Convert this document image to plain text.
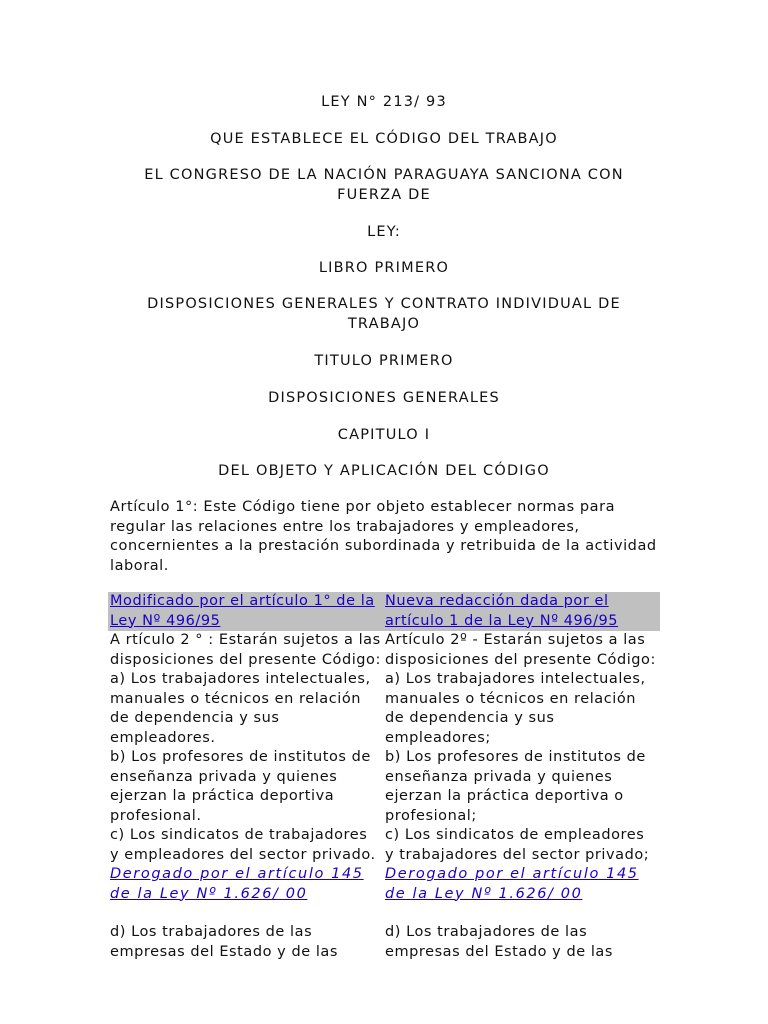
LEY N° 213/ 93

QUE ESTABLECE EL CÓDIGO DEL TRABAJO

EL CONGRESO DE LA NACIÓN PARAGUAYA SANCIONA CON FUERZA DE

LEY:

LIBRO PRIMERO

DISPOSICIONES GENERALES Y CONTRATO INDIVIDUAL DE TRABAJO

TITULO PRIMERO

DISPOSICIONES GENERALES

CAPITULO I

DEL OBJETO Y APLICACIÓN DEL CÓDIGO

Artículo 1°: Este Código tiene por objeto establecer normas para regular las relaciones entre los trabajadores y empleadores, concernientes a la prestación subordinada y retribuida de la actividad laboral.

Modificado por el artículo 1° de la Ley Nº 496/95	Nueva redacción dada por el artículo 1 de la Ley Nº 496/95
A rtículo 2 ° : Estarán sujetos a las disposiciones del presente Código:	Artículo 2º - Estarán sujetos a las disposiciones del presente Código:
a) Los trabajadores intelectuales, manuales o técnicos en relación de dependencia y sus empleadores.	a) Los trabajadores intelectuales, manuales o técnicos en relación de dependencia y sus empleadores;
b) Los profesores de institutos de enseñanza privada y quienes ejerzan la práctica deportiva profesional.	b) Los profesores de institutos de enseñanza privada y quienes ejerzan la práctica deportiva o profesional;
c) Los sindicatos de trabajadores y empleadores del sector privado.	c) Los sindicatos de empleadores y trabajadores del sector privado;
Derogado por el artículo 145 de la Ley Nº 1.626/ 00	Derogado por el artículo 145 de la Ley Nº 1.626/ 00
d) Los trabajadores de las empresas del Estado y de las	d) Los trabajadores de las empresas del Estado y de las
